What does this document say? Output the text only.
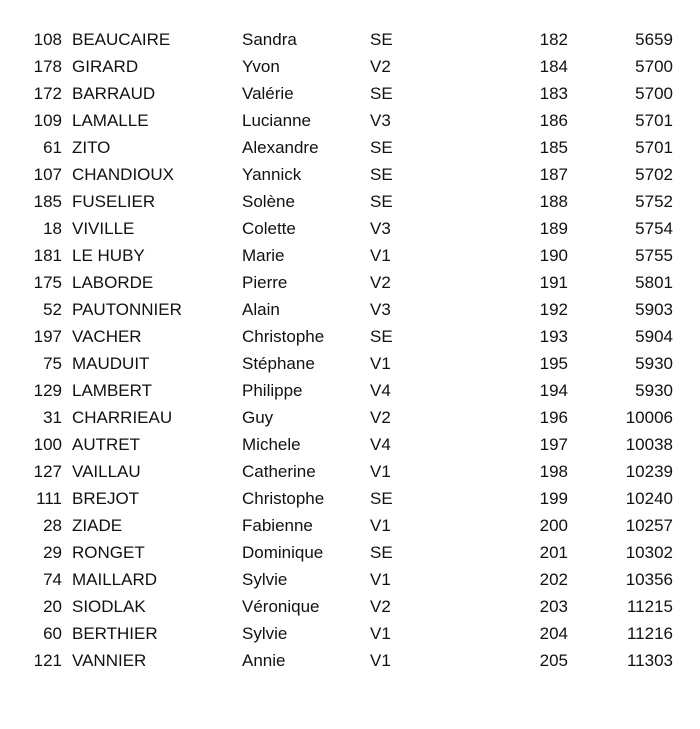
108 BEAUCAIRE	Sandra	SE	182	5659
178 GIRARD	Yvon	V2	184	5700
172 BARRAUD	Valérie	SE	183	5700
109 LAMALLE	Lucianne	V3	186	5701
61 ZITO	Alexandre	SE	185	5701
107 CHANDIOUX	Yannick	SE	187	5702
185 FUSELIER	Solène	SE	188	5752
18 VIVILLE	Colette	V3	189	5754
181 LE HUBY	Marie	V1	190	5755
175 LABORDE	Pierre	V2	191	5801
52 PAUTONNIER	Alain	V3	192	5903
197 VACHER	Christophe	SE	193	5904
75 MAUDUIT	Stéphane	V1	195	5930
129 LAMBERT	Philippe	V4	194	5930
31 CHARRIEAU	Guy	V2	196	10006
100 AUTRET	Michele	V4	197	10038
127 VAILLAU	Catherine	V1	198	10239
111 BREJOT	Christophe	SE	199	10240
28 ZIADE	Fabienne	V1	200	10257
29 RONGET	Dominique	SE	201	10302
74 MAILLARD	Sylvie	V1	202	10356
20 SIODLAK	Véronique	V2	203	11215
60 BERTHIER	Sylvie	V1	204	11216
121 VANNIER	Annie	V1	205	11303
